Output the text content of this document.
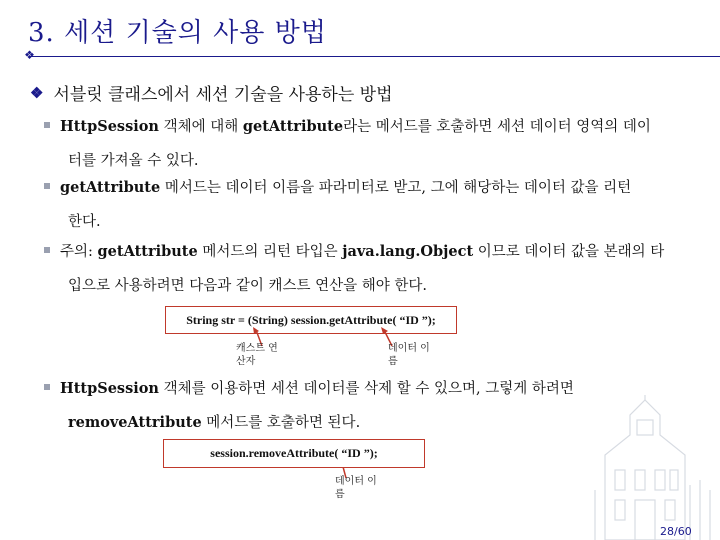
3. 세션 기술의 사용 방법
❖
❖ 서블릿 클래스에서 세션 기술을 사용하는 방법
HttpSession 객체에 대해 getAttribute라는 메서드를 호출하면 세션 데이터 영역의 데이
터를 가져올 수 있다.
getAttribute 메서드는 데이터 이름을 파라미터로 받고, 그에 해당하는 데이터 값을 리턴
한다.
주의: getAttribute 메서드의 리턴 타입은 java.lang.Object 이므로 데이터 값을 본래의 타
입으로 사용하려면 다음과 같이 캐스트 연산을 해야 한다.
String str = (String) session.getAttribute( “ID ”);
캐스트 연
산자
데이터 이
름
HttpSession 객체를 이용하면 세션 데이터를 삭제 할 수 있으며, 그렇게 하려면
removeAttribute 메서드를 호출하면 된다.
session.removeAttribute( “ID ”);
데이터 이
름
28/60
